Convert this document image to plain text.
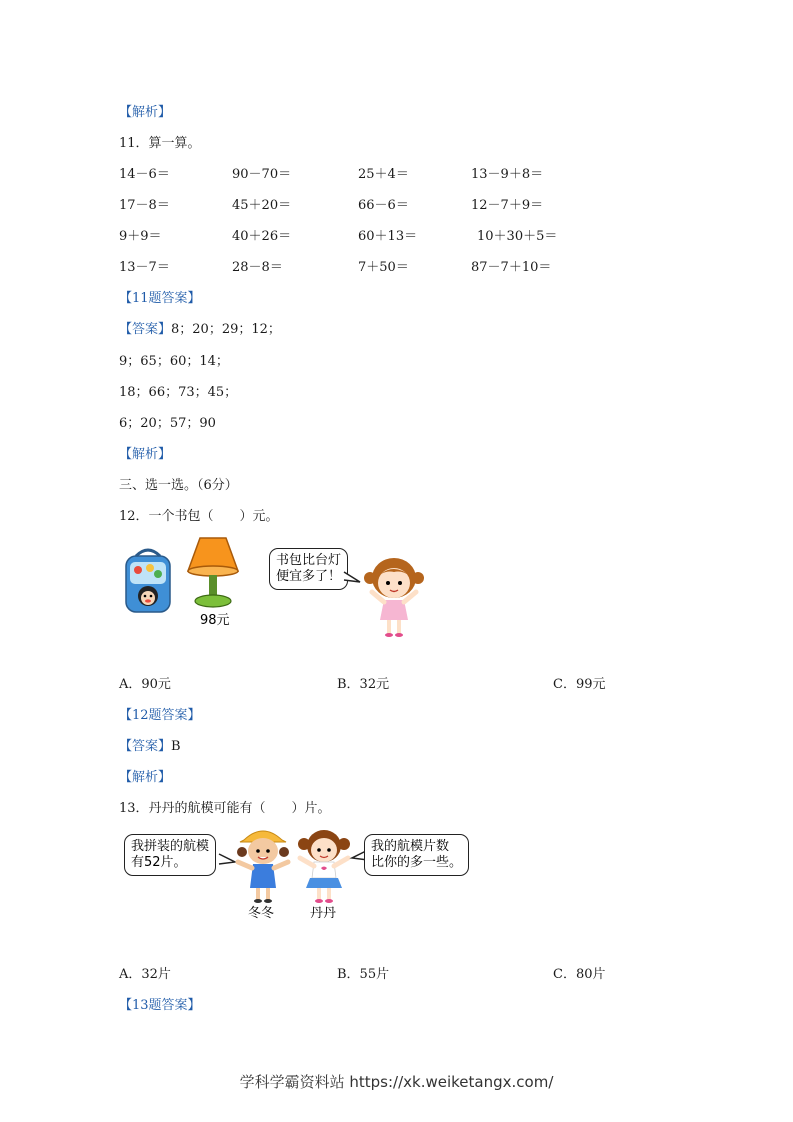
【解析】
11．算一算。
14－6＝	90－70＝	25＋4＝	13－9＋8＝
17－8＝	45＋20＝	66－6＝	12－7＋9＝
9＋9＝	40＋26＝	60＋13＝	10＋30＋5＝
13－7＝	28－8＝	7＋50＝	87－7＋10＝
【11题答案】
【答案】8；20；29；12；
9；65；60；14；
18；66；73；45；
6；20；57；90
【解析】
三、选一选。（6分）
12．一个书包（　　）元。
98元
书包比台灯
便宜多了！
A．90元	B．32元	C．99元
【12题答案】
【答案】B
【解析】
13．丹丹的航模可能有（　　）片。
我拼装的航模
有52片。
冬冬	丹丹
我的航模片数
比你的多一些。
A．32片	B．55片	C．80片
【13题答案】
学科学霸资料站 https://xk.weiketangx.com/
